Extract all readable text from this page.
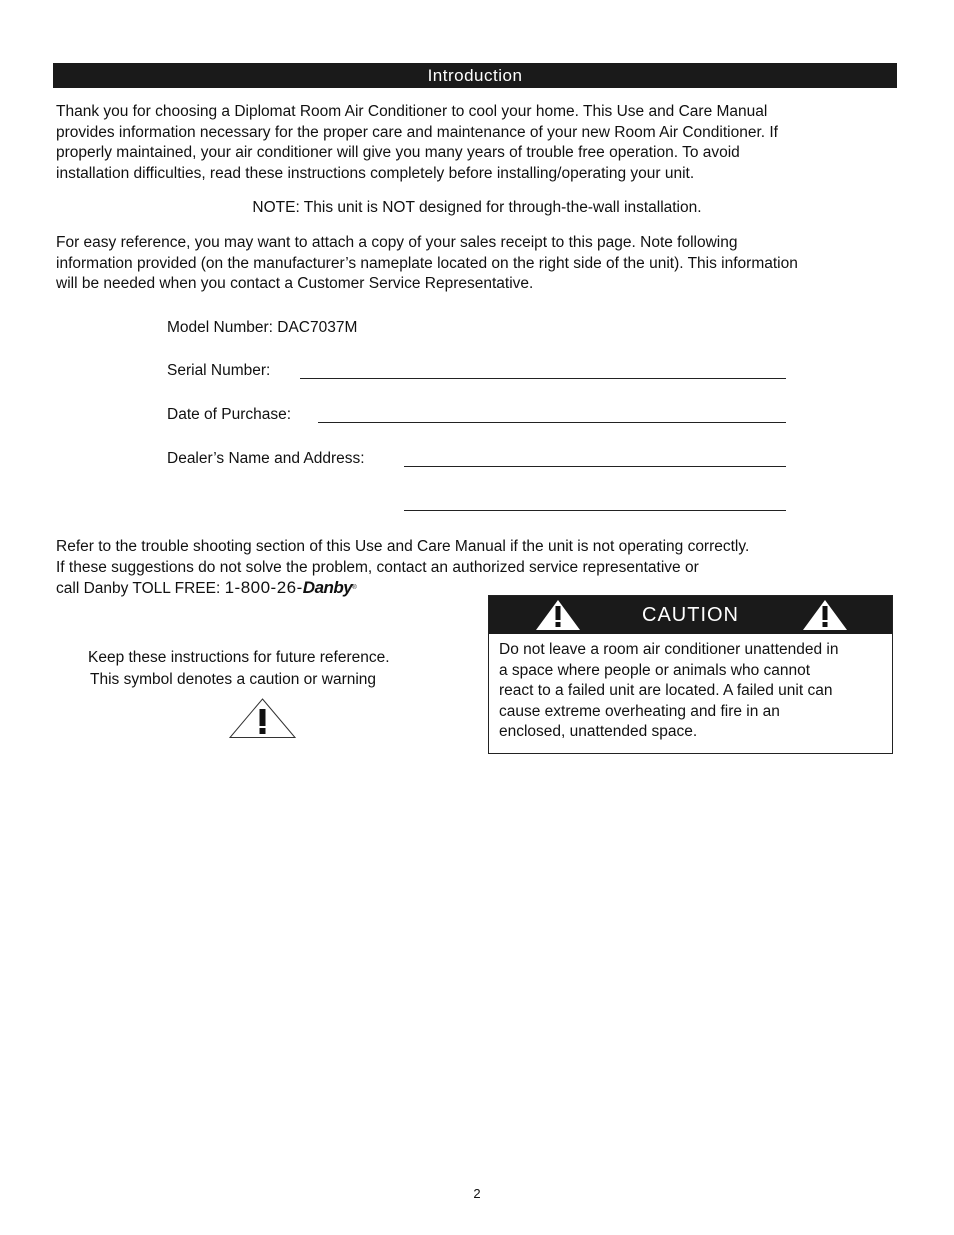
Introduction

Thank you for choosing a Diplomat Room Air Conditioner to cool your home. This Use and Care Manual

provides information necessary for the proper care and maintenance of your new Room Air Conditioner. If

properly maintained, your air conditioner will give you many years of trouble free operation. To avoid

installation difficulties, read these instructions completely before installing/operating your unit.

NOTE: This unit is NOT designed for through-the-wall installation.

For easy reference, you may want to attach a copy of your sales receipt to this page. Note following

information provided (on the manufacturer’s nameplate located on the right side of the unit). This information

will be needed when you contact a Customer Service Representative.

Model Number: DAC7037M
Serial Number:
Date of Purchase:
Dealer’s Name and Address:

Refer to the trouble shooting section of this Use and Care Manual if the unit is not operating correctly.

If these suggestions do not solve the problem, contact an authorized service representative or

call Danby TOLL FREE: 1-800-26-Danby®

Keep these instructions for future reference.
This symbol denotes a caution or warning
CAUTION
Do not leave a room air conditioner unattended in
a space where people or animals who cannot
react to a failed unit are located. A failed unit can
cause extreme overheating and fire in an
enclosed, unattended space.
2
